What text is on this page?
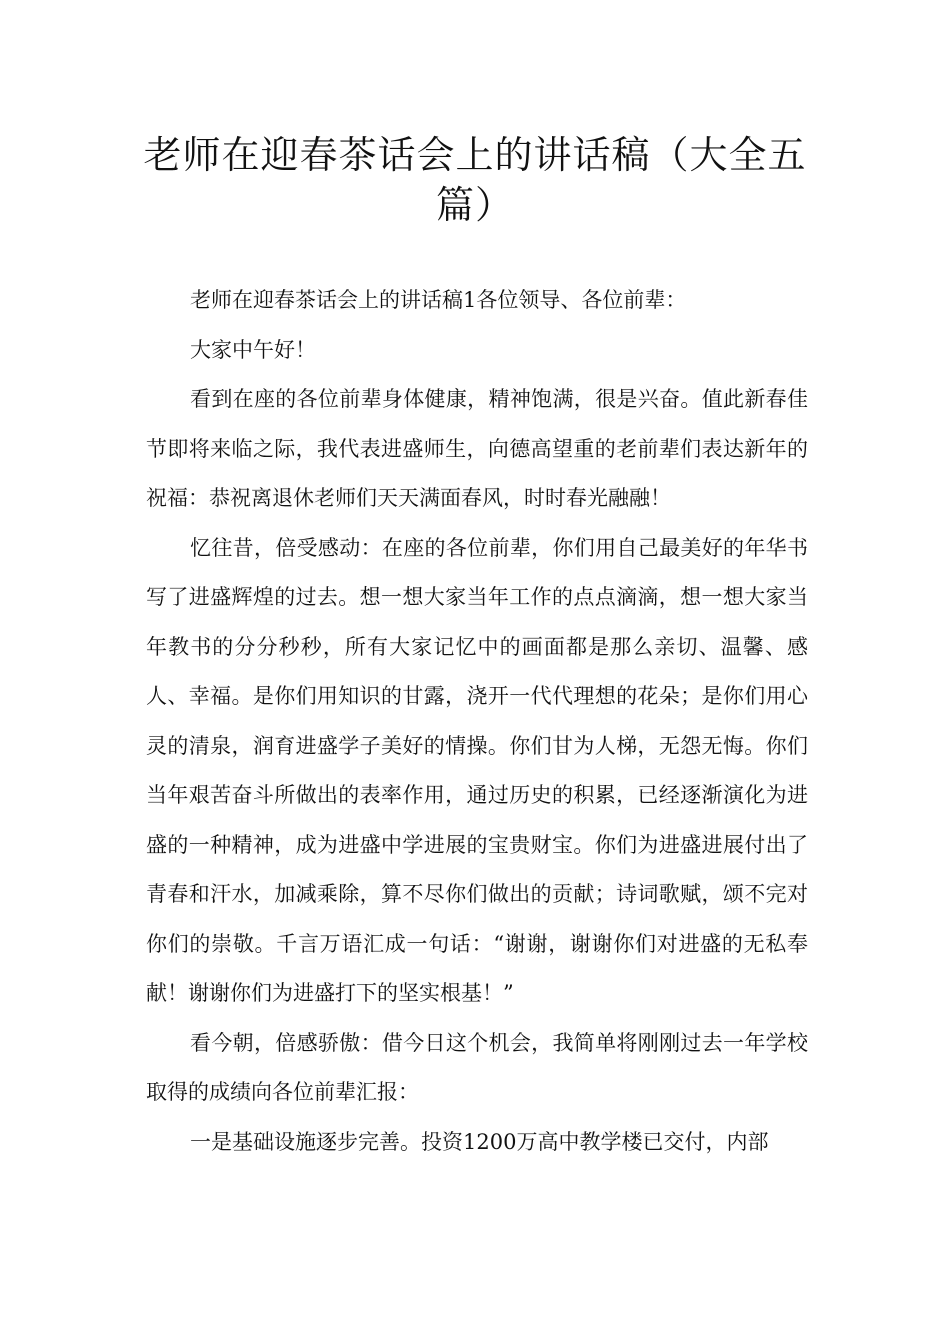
老师在迎春茶话会上的讲话稿（大全五篇）

老师在迎春茶话会上的讲话稿1各位领导、各位前辈：

大家中午好！

看到在座的各位前辈身体健康，精神饱满，很是兴奋。值此新春佳节即将来临之际，我代表进盛师生，向德高望重的老前辈们表达新年的祝福：恭祝离退休老师们天天满面春风，时时春光融融！

忆往昔，倍受感动：在座的各位前辈，你们用自己最美好的年华书写了进盛辉煌的过去。想一想大家当年工作的点点滴滴，想一想大家当年教书的分分秒秒，所有大家记忆中的画面都是那么亲切、温馨、感人、幸福。是你们用知识的甘露，浇开一代代理想的花朵；是你们用心灵的清泉，润育进盛学子美好的情操。你们甘为人梯，无怨无悔。你们当年艰苦奋斗所做出的表率作用，通过历史的积累，已经逐渐演化为进盛的一种精神，成为进盛中学进展的宝贵财宝。你们为进盛进展付出了青春和汗水，加减乘除，算不尽你们做出的贡献；诗词歌赋，颂不完对你们的崇敬。千言万语汇成一句话：“谢谢，谢谢你们对进盛的无私奉献！谢谢你们为进盛打下的坚实根基！”

看今朝，倍感骄傲：借今日这个机会，我简单将刚刚过去一年学校取得的成绩向各位前辈汇报：

一是基础设施逐步完善。投资1200万高中教学楼已交付，内部
